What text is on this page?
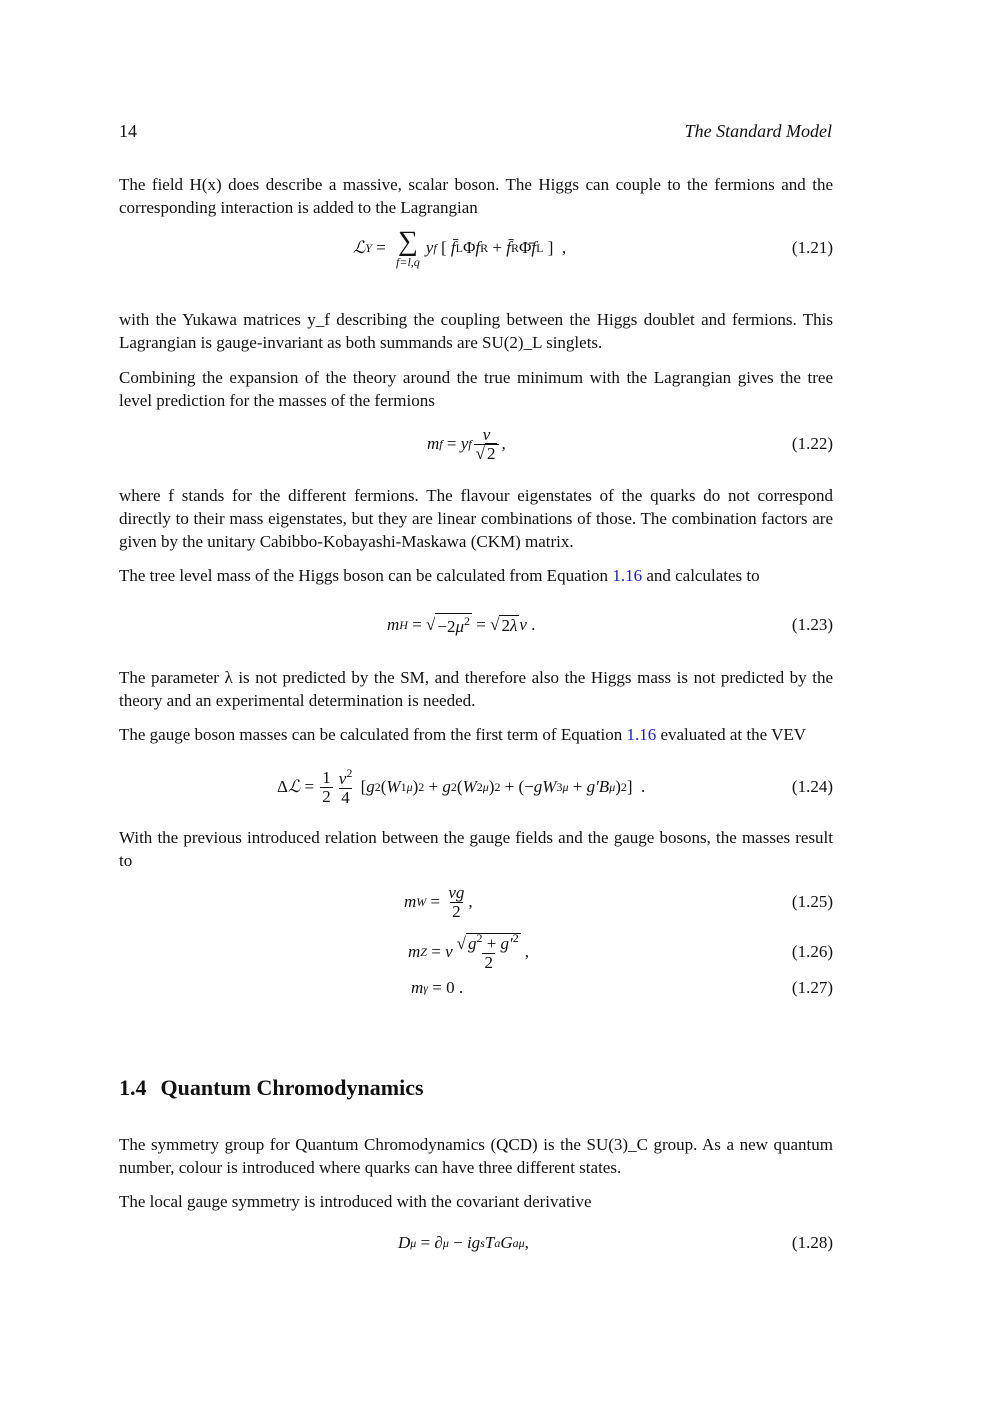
14	The Standard Model

The field H(x) does describe a massive, scalar boson. The Higgs can couple to the fermions and the corresponding interaction is added to the Lagrangian

ℒ Y = ∑
f=l,q
y f [ f̄ L Φ f R + f̄ R Φ̄ f L ]  ,	(1.21)

with the Yukawa matrices y_f describing the coupling between the Higgs doublet and fermions. This Lagrangian is gauge-invariant as both summands are SU(2)_L singlets.

Combining the expansion of the theory around the true minimum with the Lagrangian gives the tree level prediction for the masses of the fermions

m f = y f $\frac{v}{√ 2}$ ,	(1.22)

where f stands for the different fermions. The flavour eigenstates of the quarks do not correspond directly to their mass eigenstates, but they are linear combinations of those. The combination factors are given by the unitary Cabibbo-Kobayashi-Maskawa (CKM) matrix.

The tree level mass of the Higgs boson can be calculated from Equation 1.16 and calculates to

m H = √ $-2\mu^2$ = √ 2λ v .	(1.23)

The parameter λ is not predicted by the SM, and therefore also the Higgs mass is not predicted by the theory and an experimental determination is needed.

The gauge boson masses can be calculated from the first term of Equation 1.16 evaluated at the VEV

Δ ℒ = $\frac{1}{2} \frac{v^2}{4}$ [ g 2 ( W 1 μ ) 2 + g 2 ( W 2 μ ) 2 + (− gW 3 μ + g′B μ ) 2 ]  .	(1.24)

With the previous introduced relation between the gauge fields and the gauge bosons, the masses result to

m $W = \frac{vg}{2}$ ,	(1.25)
m Z = v $\frac{√ g^2 + g'^2}{2}$ ,	(1.26)
m γ = 0 .	(1.27)
1.4 Quantum Chromodynamics

The symmetry group for Quantum Chromodynamics (QCD) is the SU(3)_C group. As a new quantum number, colour is introduced where quarks can have three different states.

The local gauge symmetry is introduced with the covariant derivative

D μ = ∂ μ − ig s T a G a μ ,	(1.28)
